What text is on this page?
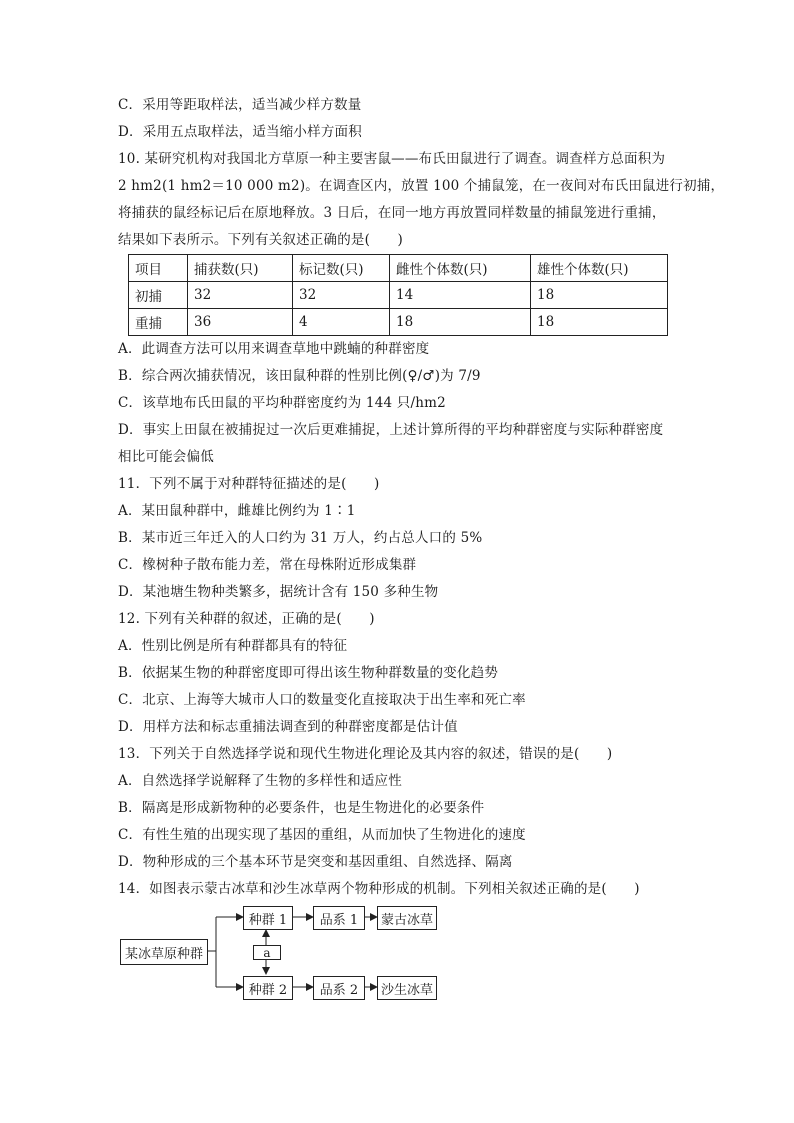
C．采用等距取样法，适当减少样方数量
D．采用五点取样法，适当缩小样方面积
10. 某研究机构对我国北方草原一种主要害鼠——布氏田鼠进行了调查。调查样方总面积为
2 hm2(1 hm2＝10 000 m2)。在调查区内，放置 100 个捕鼠笼，在一夜间对布氏田鼠进行初捕，
将捕获的鼠经标记后在原地释放。3 日后，在同一地方再放置同样数量的捕鼠笼进行重捕，
结果如下表所示。下列有关叙述正确的是(　　)
项目	捕获数(只)	标记数(只)	雌性个体数(只)	雄性个体数(只)
初捕	32	32	14	18
重捕	36	4	18	18
A．此调查方法可以用来调查草地中跳蝻的种群密度
B．综合两次捕获情况，该田鼠种群的性别比例(♀/♂)为 7/9
C．该草地布氏田鼠的平均种群密度约为 144 只/hm2
D．事实上田鼠在被捕捉过一次后更难捕捉，上述计算所得的平均种群密度与实际种群密度
相比可能会偏低
11．下列不属于对种群特征描述的是(　　)
A．某田鼠种群中，雌雄比例约为 1∶1
B．某市近三年迁入的人口约为 31 万人，约占总人口的 5%
C．橡树种子散布能力差，常在母株附近形成集群
D．某池塘生物种类繁多，据统计含有 150 多种生物
12. 下列有关种群的叙述，正确的是(　　)
A．性别比例是所有种群都具有的特征
B．依据某生物的种群密度即可得出该生物种群数量的变化趋势
C．北京、上海等大城市人口的数量变化直接取决于出生率和死亡率
D．用样方法和标志重捕法调查到的种群密度都是估计值
13．下列关于自然选择学说和现代生物进化理论及其内容的叙述，错误的是(　　)
A．自然选择学说解释了生物的多样性和适应性
B．隔离是形成新物种的必要条件，也是生物进化的必要条件
C．有性生殖的出现实现了基因的重组，从而加快了生物进化的速度
D．物种形成的三个基本环节是突变和基因重组、自然选择、隔离
14．如图表示蒙古冰草和沙生冰草两个物种形成的机制。下列相关叙述正确的是(　　)
某冰草原种群
种群 1
a
种群 2
品系 1
品系 2
蒙古冰草
沙生冰草
